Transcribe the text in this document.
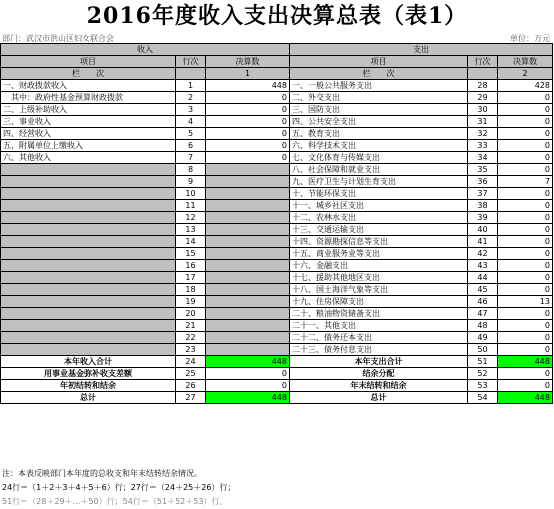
2016年度收入支出决算总表（表1）
部门：武汉市洪山区妇女联合会	单位：万元
收入			支出		
项目	行次	决算数	项目	行次	决算数
栏　　次		1	栏　　次		2
一、财政拨款收入	1	448	一、一般公共服务支出	28	428
　其中：政府性基金预算财政拨款	2	0	二、外交支出	29	0
二、上级补助收入	3	0	三、国防支出	30	0
三、事业收入	4	0	四、公共安全支出	31	0
四、经营收入	5	0	五、教育支出	32	0
五、附属单位上缴收入	6	0	六、科学技术支出	33	0
六、其他收入	7	0	七、文化体育与传媒支出	34	0
	8		八、社会保障和就业支出	35	0
	9		九、医疗卫生与计划生育支出	36	7
	10		十、节能环保支出	37	0
	11		十一、城乡社区支出	38	0
	12		十二、农林水支出	39	0
	13		十三、交通运输支出	40	0
	14		十四、资源勘探信息等支出	41	0
	15		十五、商业服务业等支出	42	0
	16		十六、金融支出	43	0
	17		十七、援助其他地区支出	44	0
	18		十八、国土海洋气象等支出	45	0
	19		十九、住房保障支出	46	13
	20		二十、粮油物资储备支出	47	0
	21		二十一、其他支出	48	0
	22		二十二、债务还本支出	49	0
	23		二十三、债务付息支出	50	0
本年收入合计	24	448	本年支出合计	51	448
用事业基金弥补收支差额	25	0	结余分配	52	0
年初结转和结余	26	0	年末结转和结余	53	0
总计	27	448	总计	54	448
注：本表反映部门本年度的总收支和年末结转结余情况。
24行＝（1＋2＋3＋4＋5＋6）行；27行＝（24＋25＋26）行；
51行＝（28＋29＋…＋50）行；54行＝（51＋52＋53）行。
